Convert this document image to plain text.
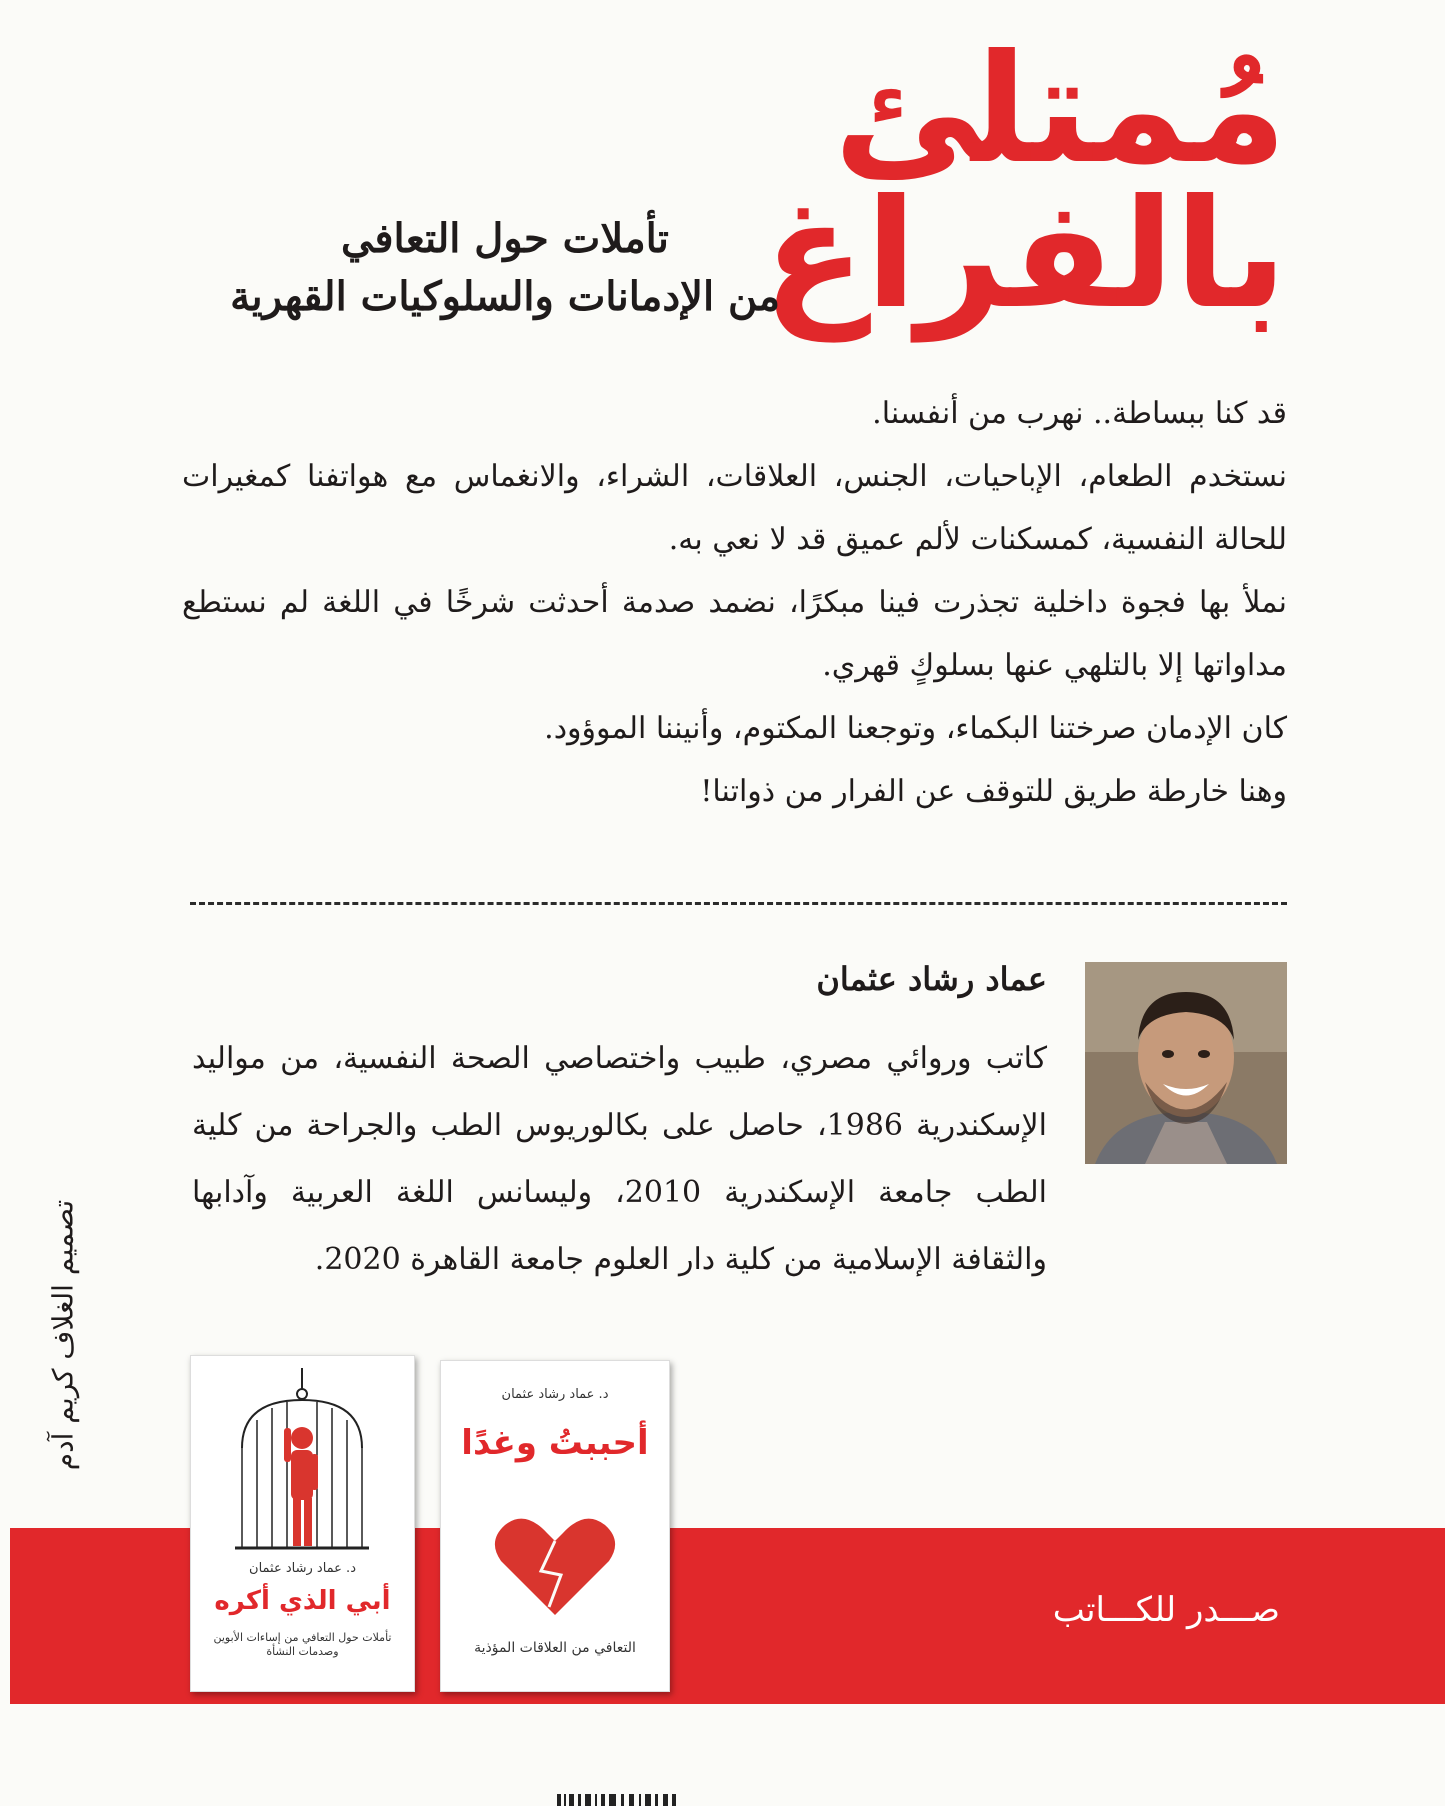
مُمتلئ
بالفراغ
تأملات حول التعافي
من الإدمانات والسلوكيات القهرية

قد كنا ببساطة.. نهرب من أنفسنا.

نستخدم الطعام، الإباحيات، الجنس، العلاقات، الشراء، والانغماس مع هواتفنا كمغيرات للحالة النفسية، كمسكنات لألم عميق قد لا نعي به.

نملأ بها فجوة داخلية تجذرت فينا مبكرًا، نضمد صدمة أحدثت شرخًا في اللغة لم نستطع مداواتها إلا بالتلهي عنها بسلوكٍ قهري.

كان الإدمان صرختنا البكماء، وتوجعنا المكتوم، وأنيننا الموؤود.

وهنا خارطة طريق للتوقف عن الفرار من ذواتنا!

عماد رشاد عثمان
كاتب وروائي مصري، طبيب واختصاصي الصحة النفسية، من مواليد الإسكندرية 1986، حاصل على بكالوريوس الطب والجراحة من كلية الطب جامعة الإسكندرية 2010، وليسانس اللغة العربية وآدابها والثقافة الإسلامية من كلية دار العلوم جامعة القاهرة 2020.
تصميم الغلاف كريم آدم
صـــدر للكـــاتب
د. عماد رشاد عثمان
أحببتُ وغدًا
التعافي من العلاقات المؤذية
د. عماد رشاد عثمان
أبي الذي أكره
تأملات حول التعافي من إساءات الأبوين وصدمات النشأة
